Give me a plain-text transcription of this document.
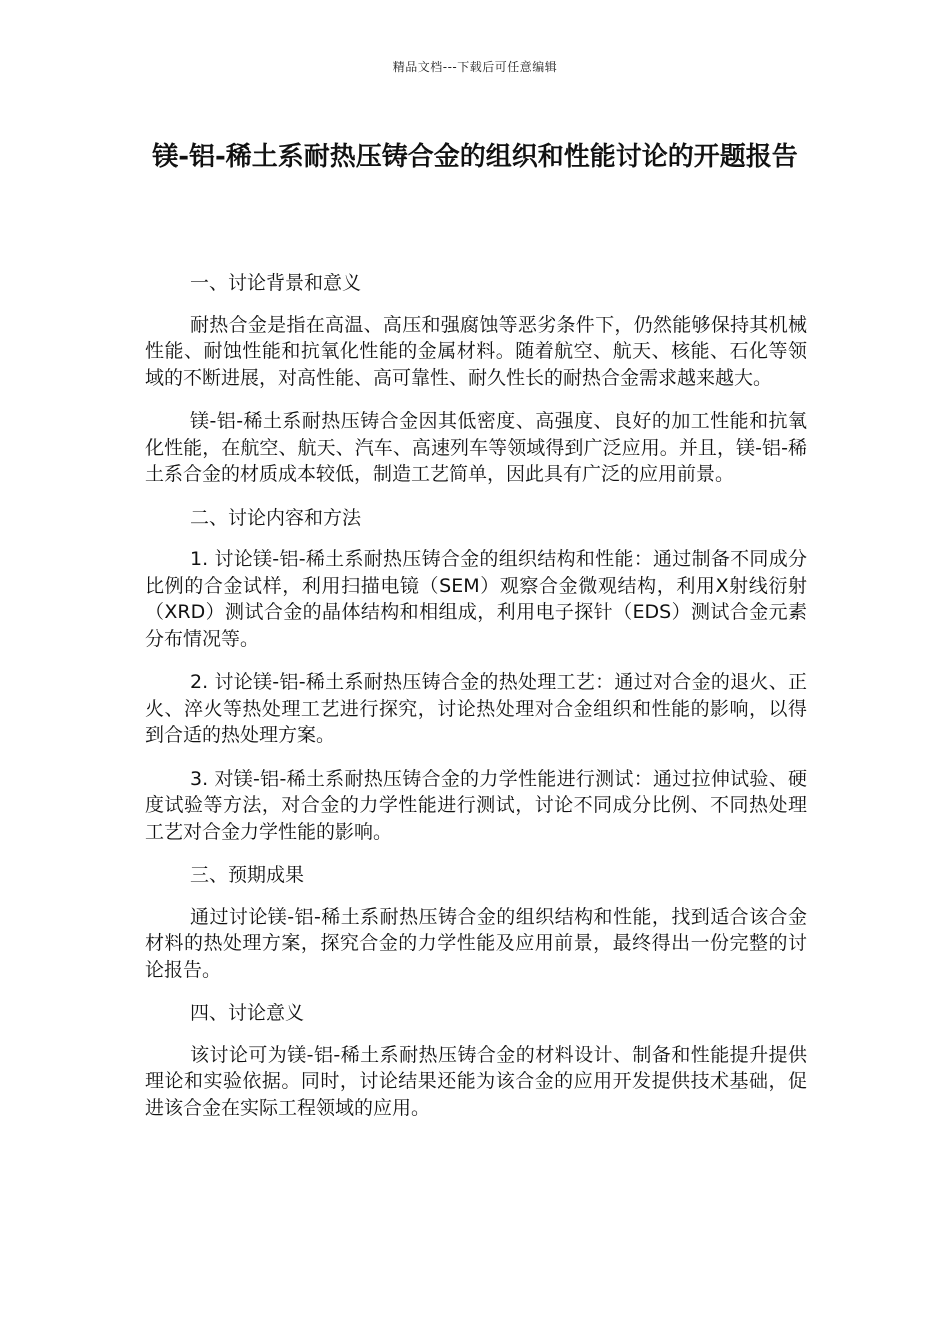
精品文档---下载后可任意编辑
镁-铝-稀土系耐热压铸合金的组织和性能讨论的开题报告

一、讨论背景和意义

耐热合金是指在高温、高压和强腐蚀等恶劣条件下，仍然能够保持其机械性能、耐蚀性能和抗氧化性能的金属材料。随着航空、航天、核能、石化等领域的不断进展，对高性能、高可靠性、耐久性长的耐热合金需求越来越大。

镁-铝-稀土系耐热压铸合金因其低密度、高强度、良好的加工性能和抗氧化性能，在航空、航天、汽车、高速列车等领域得到广泛应用。并且，镁-铝-稀土系合金的材质成本较低，制造工艺简单，因此具有广泛的应用前景。

二、讨论内容和方法

1. 讨论镁-铝-稀土系耐热压铸合金的组织结构和性能：通过制备不同成分比例的合金试样，利用扫描电镜（SEM）观察合金微观结构，利用X射线衍射（XRD）测试合金的晶体结构和相组成，利用电子探针（EDS）测试合金元素分布情况等。

2. 讨论镁-铝-稀土系耐热压铸合金的热处理工艺：通过对合金的退火、正火、淬火等热处理工艺进行探究，讨论热处理对合金组织和性能的影响，以得到合适的热处理方案。

3. 对镁-铝-稀土系耐热压铸合金的力学性能进行测试：通过拉伸试验、硬度试验等方法，对合金的力学性能进行测试，讨论不同成分比例、不同热处理工艺对合金力学性能的影响。

三、预期成果

通过讨论镁-铝-稀土系耐热压铸合金的组织结构和性能，找到适合该合金材料的热处理方案，探究合金的力学性能及应用前景，最终得出一份完整的讨论报告。

四、讨论意义

该讨论可为镁-铝-稀土系耐热压铸合金的材料设计、制备和性能提升提供理论和实验依据。同时，讨论结果还能为该合金的应用开发提供技术基础，促进该合金在实际工程领域的应用。
